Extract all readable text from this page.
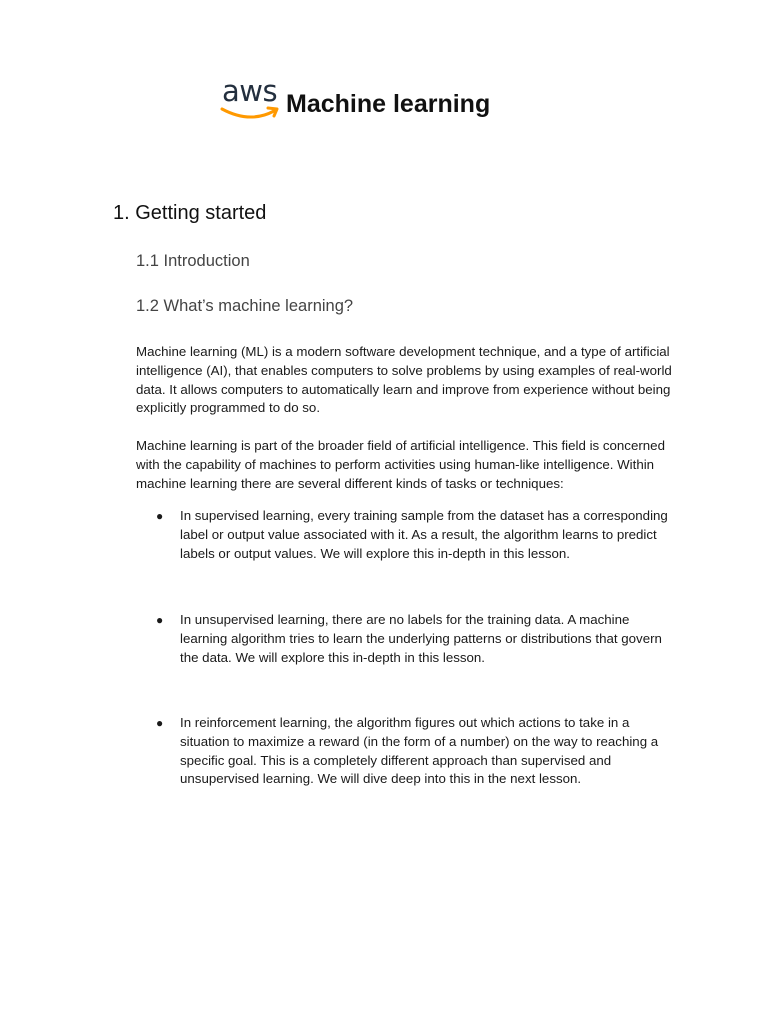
aws Machine learning
1. Getting started
1.1 Introduction
1.2 What’s machine learning?

Machine learning (ML) is a modern software development technique, and a type of artificial intelligence (AI), that enables computers to solve problems by using examples of real-world data. It allows computers to automatically learn and improve from experience without being explicitly programmed to do so.

Machine learning is part of the broader field of artificial intelligence. This field is concerned with the capability of machines to perform activities using human-like intelligence. Within machine learning there are several different kinds of tasks or techniques:

●	In supervised learning, every training sample from the dataset has a corresponding label or output value associated with it. As a result, the algorithm learns to predict labels or output values. We will explore this in-depth in this lesson.
●	In unsupervised learning, there are no labels for the training data. A machine learning algorithm tries to learn the underlying patterns or distributions that govern the data. We will explore this in-depth in this lesson.
●	In reinforcement learning, the algorithm figures out which actions to take in a situation to maximize a reward (in the form of a number) on the way to reaching a specific goal. This is a completely different approach than supervised and unsupervised learning. We will dive deep into this in the next lesson.
